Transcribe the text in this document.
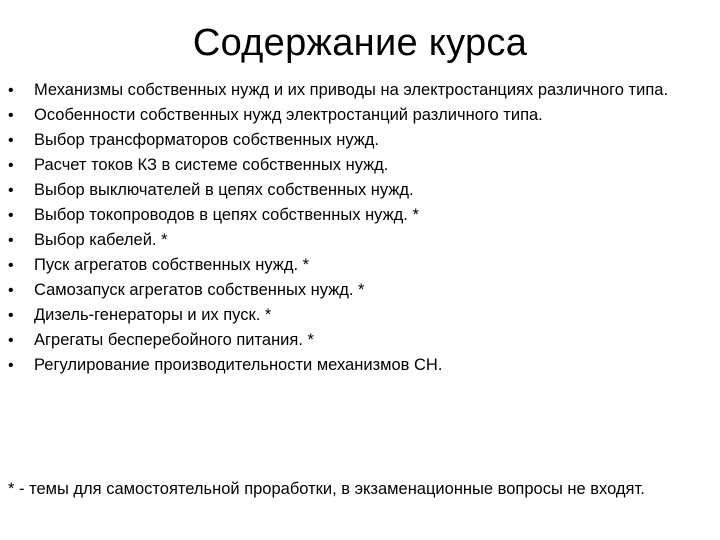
Содержание курса
•	Механизмы собственных нужд и их приводы на электростанциях различного типа.
•	Особенности собственных нужд электростанций различного типа.
•	Выбор трансформаторов собственных нужд.
•	Расчет токов КЗ в системе собственных нужд.
•	Выбор выключателей в цепях собственных нужд.
•	Выбор токопроводов в цепях собственных нужд. *
•	Выбор кабелей. *
•	Пуск агрегатов собственных нужд. *
•	Самозапуск агрегатов собственных нужд. *
•	Дизель-генераторы и их пуск. *
•	Агрегаты бесперебойного питания. *
•	Регулирование производительности механизмов СН.

* - темы для самостоятельной проработки, в экзаменационные вопросы не входят.
